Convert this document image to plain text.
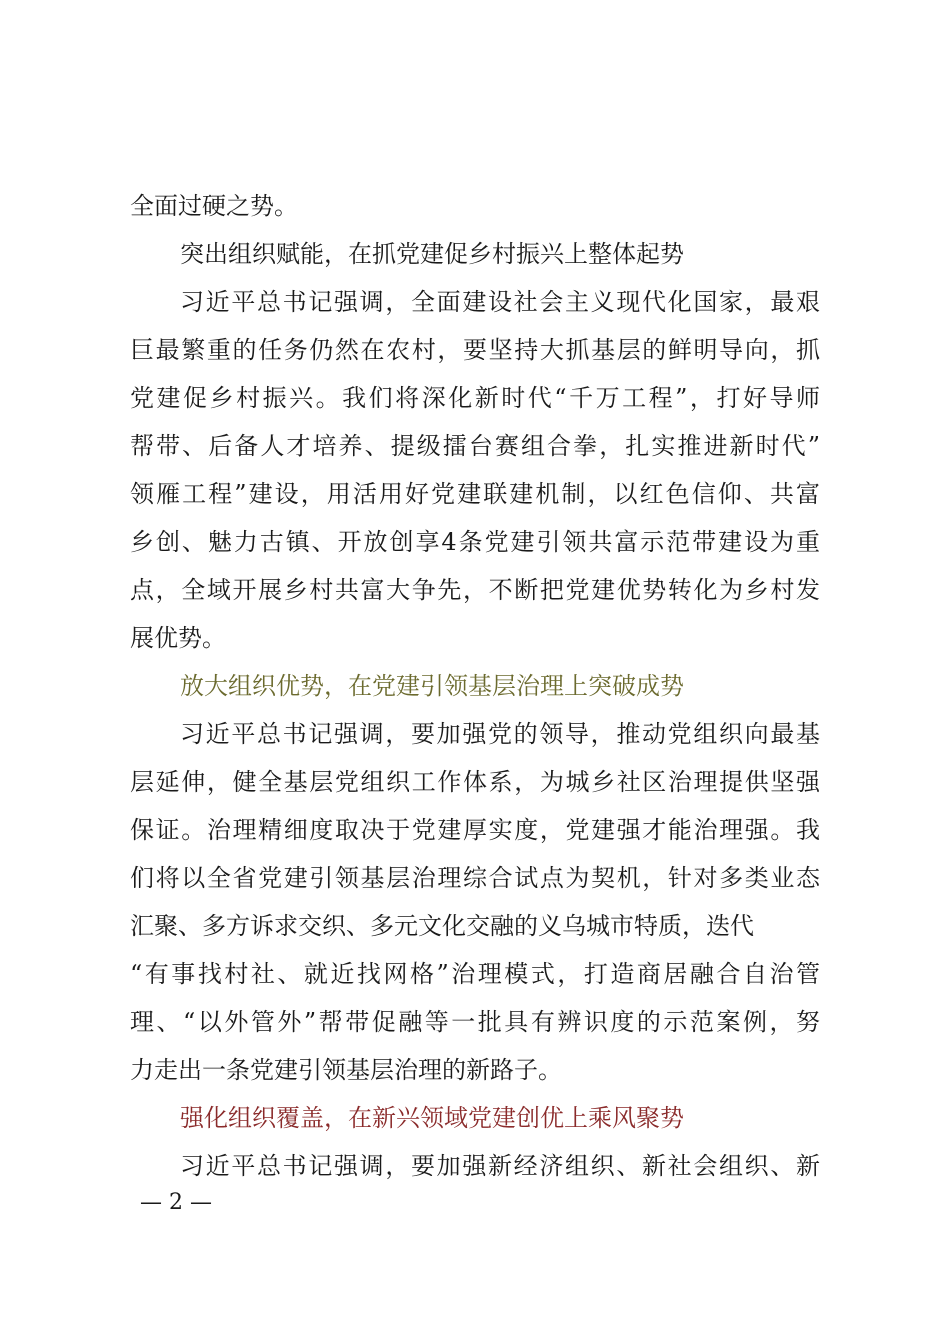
全面过硬之势。
突出组织赋能，在抓党建促乡村振兴上整体起势
习近平总书记强调，全面建设社会主义现代化国家，最艰
巨最繁重的任务仍然在农村，要坚持大抓基层的鲜明导向，抓
党建促乡村振兴。我们将深化新时代“千万工程”，打好导师
帮带、后备人才培养、提级擂台赛组合拳，扎实推进新时代”
领雁工程”建设，用活用好党建联建机制，以红色信仰、共富
乡创、魅力古镇、开放创享4条党建引领共富示范带建设为重
点，全域开展乡村共富大争先，不断把党建优势转化为乡村发
展优势。
放大组织优势，在党建引领基层治理上突破成势
习近平总书记强调，要加强党的领导，推动党组织向最基
层延伸，健全基层党组织工作体系，为城乡社区治理提供坚强
保证。治理精细度取决于党建厚实度，党建强才能治理强。我
们将以全省党建引领基层治理综合试点为契机，针对多类业态
汇聚、多方诉求交织、多元文化交融的义乌城市特质，迭代
“有事找村社、就近找网格”治理模式，打造商居融合自治管
理、“以外管外”帮带促融等一批具有辨识度的示范案例，努
力走出一条党建引领基层治理的新路子。
强化组织覆盖，在新兴领域党建创优上乘风聚势
习近平总书记强调，要加强新经济组织、新社会组织、新
— 2 —
